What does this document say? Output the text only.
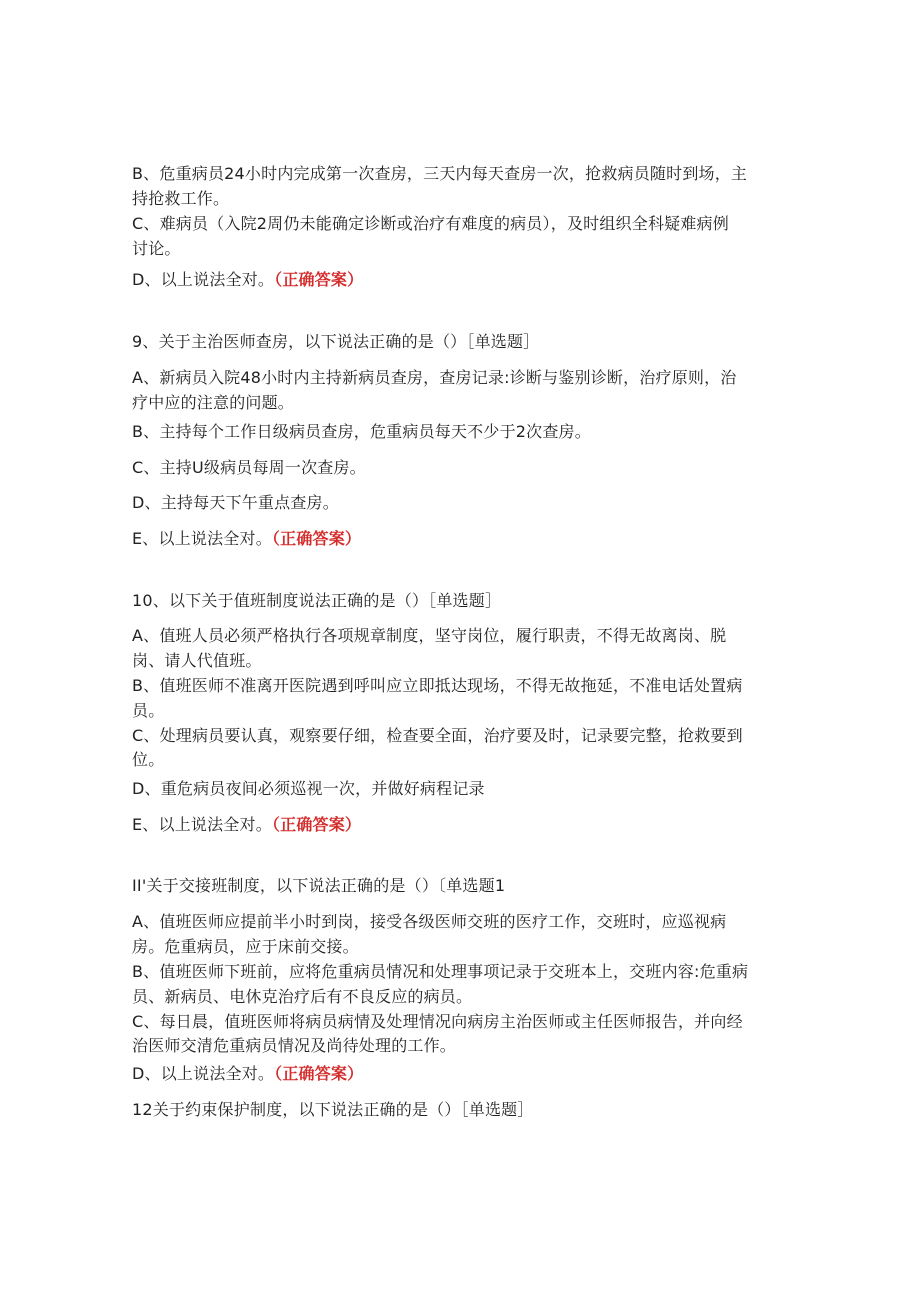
B、危重病员24小时内完成第一次查房，三天内每天查房一次，抢救病员随时到场，主
持抢救工作。
C、难病员（入院2周仍未能确定诊断或治疗有难度的病员），及时组织全科疑难病例
讨论。
D、以上说法全对。（正确答案）
9、关于主治医师查房，以下说法正确的是（）［单选题］
A、新病员入院48小时内主持新病员查房，查房记录:诊断与鉴别诊断，治疗原则，治
疗中应的注意的问题。
B、主持每个工作日级病员查房，危重病员每天不少于2次查房。
C、主持U级病员每周一次查房。
D、主持每天下午重点查房。
E、以上说法全对。（正确答案）
10、以下关于值班制度说法正确的是（）［单选题］
A、值班人员必须严格执行各项规章制度，坚守岗位，履行职责，不得无故离岗、脱
岗、请人代值班。
B、值班医师不准离开医院遇到呼叫应立即抵达现场，不得无故拖延，不准电话处置病
员。
C、处理病员要认真，观察要仔细，检查要全面，治疗要及时，记录要完整，抢救要到
位。
D、重危病员夜间必须巡视一次，并做好病程记录
E、以上说法全对。（正确答案）
II'关于交接班制度，以下说法正确的是（）〔单选题1
A、值班医师应提前半小时到岗，接受各级医师交班的医疗工作，交班时，应巡视病
房。危重病员，应于床前交接。
B、值班医师下班前，应将危重病员情况和处理事项记录于交班本上，交班内容:危重病
员、新病员、电休克治疗后有不良反应的病员。
C、每日晨，值班医师将病员病情及处理情况向病房主治医师或主任医师报告，并向经
治医师交清危重病员情况及尚待处理的工作。
D、以上说法全对。（正确答案）
12关于约束保护制度，以下说法正确的是（）［单选题］
